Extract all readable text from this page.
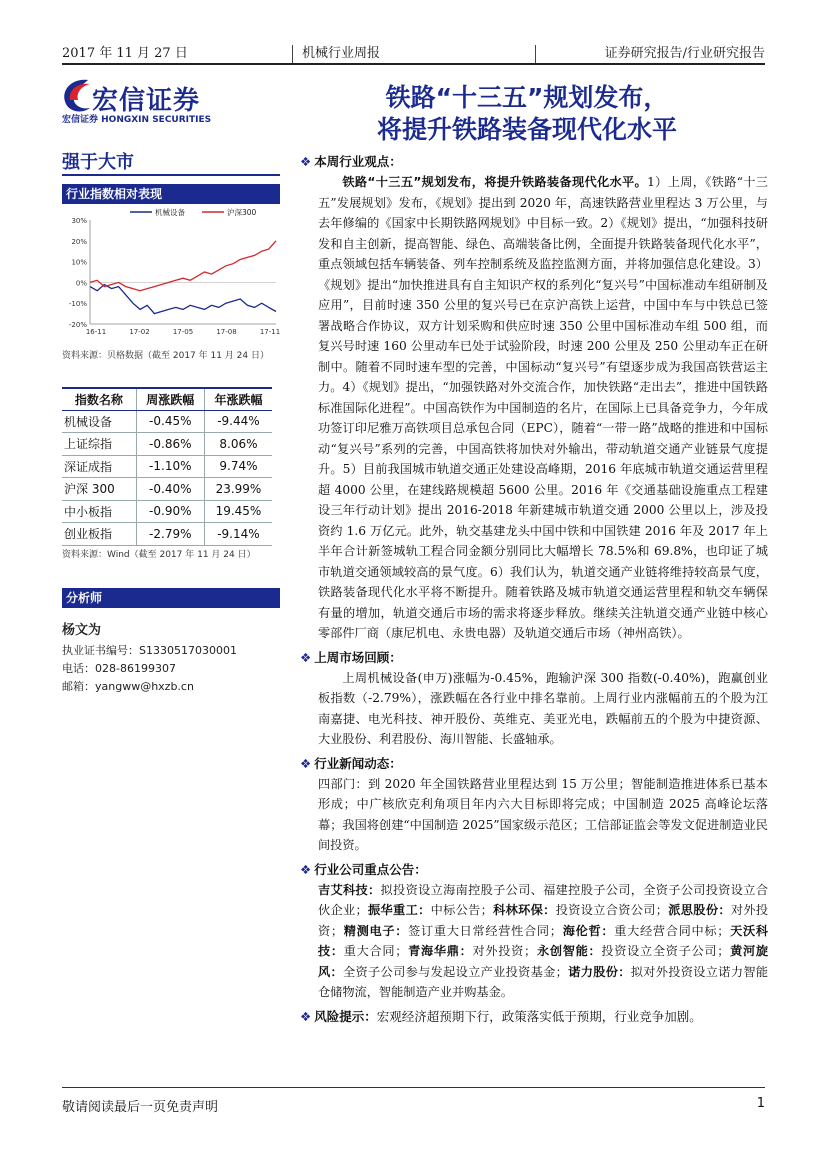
2017 年 11 月 27 日	机械行业周报	证券研究报告/行业研究报告
宏信证券
宏信证券 HONGXIN SECURITIES
铁路“十三五”规划发布，
将提升铁路装备现代化水平
强于大市
行业指数相对表现
30%
20%
10%
0%
-10%
-20%
16-11	17-02	17-05	17-08	17-11
机械设备	沪深300
资料来源：贝格数据（截至 2017 年 11 月 24 日）
指数名称	周涨跌幅	年涨跌幅
机械设备	-0.45%	-9.44%
上证综指	-0.86%	8.06%
深证成指	-1.10%	9.74%
沪深 300	-0.40%	23.99%
中小板指	-0.90%	19.45%
创业板指	-2.79%	-9.14%
资料来源：Wind（截至 2017 年 11 月 24 日）
分析师
杨文为
执业证书编号：S1330517030001
电话：028-86199307
邮箱：yangww@hxzb.cn
❖ 本周行业观点：
铁路“十三五”规划发布，将提升铁路装备现代化水平。1）上周，《铁路“十三五”发展规划》发布，《规划》提出到 2020 年，高速铁路营业里程达 3 万公里，与去年修编的《国家中长期铁路网规划》中目标一致。2）《规划》提出，“加强科技研发和自主创新，提高智能、绿色、高端装备比例，全面提升铁路装备现代化水平”，重点领域包括车辆装备、列车控制系统及监控监测方面，并将加强信息化建设。3）《规划》提出“加快推进具有自主知识产权的系列化“复兴号”中国标准动车组研制及应用”，目前时速 350 公里的复兴号已在京沪高铁上运营，中国中车与中铁总已签署战略合作协议，双方计划采购和供应时速 350 公里中国标准动车组 500 组，而复兴号时速 160 公里动车已处于试验阶段，时速 200 公里及 250 公里动车正在研制中。随着不同时速车型的完善，中国标动“复兴号”有望逐步成为我国高铁营运主力。4）《规划》提出，“加强铁路对外交流合作，加快铁路“走出去”，推进中国铁路标准国际化进程”。中国高铁作为中国制造的名片，在国际上已具备竞争力，今年成功签订印尼雅万高铁项目总承包合同（EPC），随着“一带一路”战略的推进和中国标动“复兴号”系列的完善，中国高铁将加快对外输出，带动轨道交通产业链景气度提升。5）目前我国城市轨道交通正处建设高峰期，2016 年底城市轨道交通运营里程超 4000 公里，在建线路规模超 5600 公里。2016 年《交通基础设施重点工程建设三年行动计划》提出 2016-2018 年新建城市轨道交通 2000 公里以上，涉及投资约 1.6 万亿元。此外，轨交基建龙头中国中铁和中国铁建 2016 年及 2017 年上半年合计新签城轨工程合同金额分别同比大幅增长 78.5%和 69.8%，也印证了城市轨道交通领域较高的景气度。6）我们认为，轨道交通产业链将维持较高景气度，铁路装备现代化水平将不断提升。随着铁路及城市轨道交通运营里程和轨交车辆保有量的增加，轨道交通后市场的需求将逐步释放。继续关注轨道交通产业链中核心零部件厂商（康尼机电、永贵电器）及轨道交通后市场（神州高铁）。
❖ 上周市场回顾：
上周机械设备(申万)涨幅为-0.45%，跑输沪深 300 指数(-0.40%)，跑赢创业板指数（-2.79%），涨跌幅在各行业中排名靠前。上周行业内涨幅前五的个股为江南嘉捷、电光科技、神开股份、英维克、美亚光电，跌幅前五的个股为中捷资源、大业股份、利君股份、海川智能、长盛轴承。
❖ 行业新闻动态：
四部门：到 2020 年全国铁路营业里程达到 15 万公里；智能制造推进体系已基本形成；中广核欣克利角项目年内六大目标即将完成；中国制造 2025 高峰论坛落幕；我国将创建“中国制造 2025”国家级示范区；工信部证监会等发文促进制造业民间投资。
❖ 行业公司重点公告：
吉艾科技：拟投资设立海南控股子公司、福建控股子公司，全资子公司投资设立合伙企业；振华重工：中标公告；科林环保：投资设立合资公司；派思股份：对外投资；精测电子：签订重大日常经营性合同；海伦哲：重大经营合同中标；天沃科技：重大合同；青海华鼎：对外投资；永创智能：投资设立全资子公司；黄河旋风：全资子公司参与发起设立产业投资基金；诺力股份：拟对外投资设立诺力智能仓储物流，智能制造产业并购基金。
❖ 风险提示：宏观经济超预期下行，政策落实低于预期，行业竞争加剧。
敬请阅读最后一页免责声明	1
